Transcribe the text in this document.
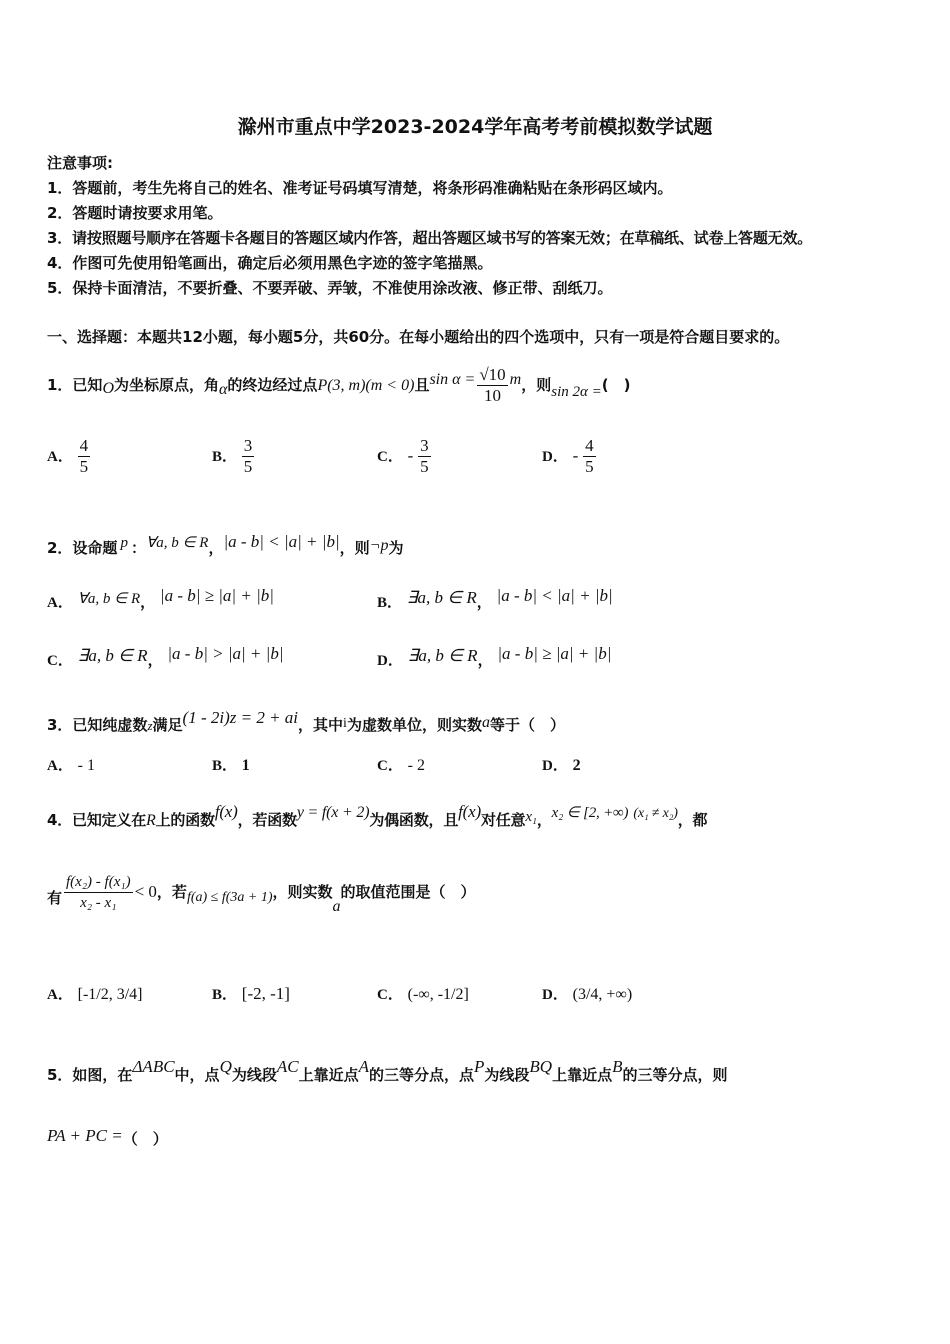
滁州市重点中学2023-2024学年高考考前模拟数学试题
注意事项:
1．答题前，考生先将自己的姓名、准考证号码填写清楚，将条形码准确粘贴在条形码区域内。
2．答题时请按要求用笔。
3．请按照题号顺序在答题卡各题目的答题区域内作答，超出答题区域书写的答案无效；在草稿纸、试卷上答题无效。
4．作图可先使用铅笔画出，确定后必须用黑色字迹的签字笔描黑。
5．保持卡面清洁，不要折叠、不要弄破、弄皱，不准使用涂改液、修正带、刮纸刀。
一、选择题：本题共12小题，每小题5分，共60分。在每小题给出的四个选项中，只有一项是符合题目要求的。
1．已知O为坐标原点，角α的终边经过点P(3, m)(m < 0)且$\sin \alpha = \frac{√10}{10}$ m，则sin 2α =(　)
A． $\frac{4}{5}$	B． $\frac{3}{5}$	C． - $\frac{3}{5}$	D． - $\frac{4}{5}$
2．设命题 p ：∀a, b ∈ R，|a - b| < |a| + |b|，则¬p为
A． ∀a, b ∈ R， |a - b| ≥ |a| + |b|	B． ∃a, b ∈ R， |a - b| < |a| + |b|
C． ∃a, b ∈ R， |a - b| > |a| + |b|	D． ∃a, b ∈ R， |a - b| ≥ |a| + |b|
3．已知纯虚数z满足(1 - 2i)z = 2 + ai，其中i为虚数单位，则实数a等于（　）
A． - 1	B． 1	C． - 2	D． 2
4．已知定义在R上的函数f(x)，若函数y = f(x + 2)为偶函数，且f(x)对任意x₁，x₂ ∈ [2, +∞) (x₁ ≠ x₂)，都
有 $\frac{\text{f(x₂) - f(x₁)}}{\text{x₂ - x₁}} < 0$，若f(a) ≤ f(3a + 1)，则实数a的取值范围是（　）
A． [-1/2, 3/4]	B． [-2, -1]	C． (-∞, -1/2]	D． (3/4, +∞)
5．如图，在ΔABC中，点Q为线段AC上靠近点A的三等分点，点P为线段BQ上靠近点B的三等分点，则
PA + PC =（　）
